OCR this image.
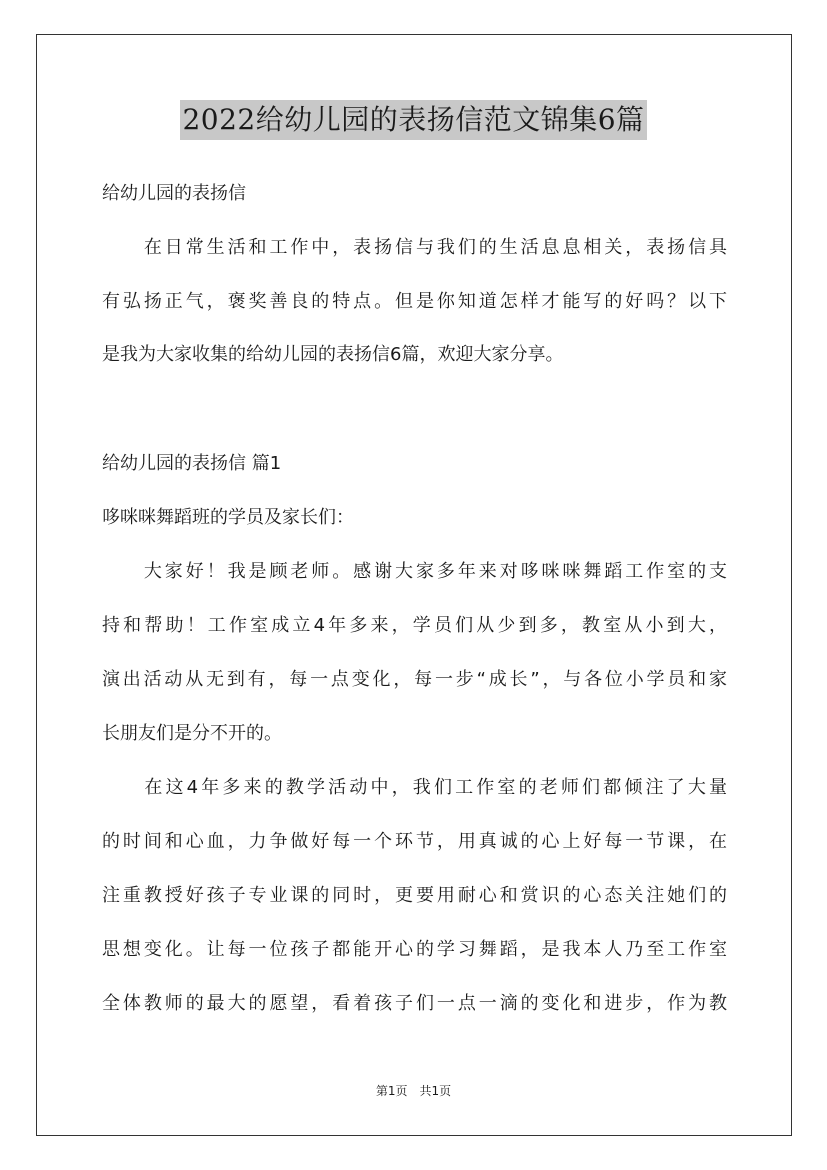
2022给幼儿园的表扬信范文锦集6篇
给幼儿园的表扬信
　　在日常生活和工作中，表扬信与我们的生活息息相关，表扬信具
有弘扬正气，褒奖善良的特点。但是你知道怎样才能写的好吗？以下
是我为大家收集的给幼儿园的表扬信6篇，欢迎大家分享。
给幼儿园的表扬信 篇1
哆咪咪舞蹈班的学员及家长们：
　　大家好！我是顾老师。感谢大家多年来对哆咪咪舞蹈工作室的支
持和帮助！工作室成立4年多来，学员们从少到多，教室从小到大，
演出活动从无到有，每一点变化，每一步“成长”，与各位小学员和家
长朋友们是分不开的。
　　在这4年多来的教学活动中，我们工作室的老师们都倾注了大量
的时间和心血，力争做好每一个环节，用真诚的心上好每一节课，在
注重教授好孩子专业课的同时，更要用耐心和赏识的心态关注她们的
思想变化。让每一位孩子都能开心的学习舞蹈，是我本人乃至工作室
全体教师的最大的愿望，看着孩子们一点一滴的变化和进步，作为教
第1页　共1页
